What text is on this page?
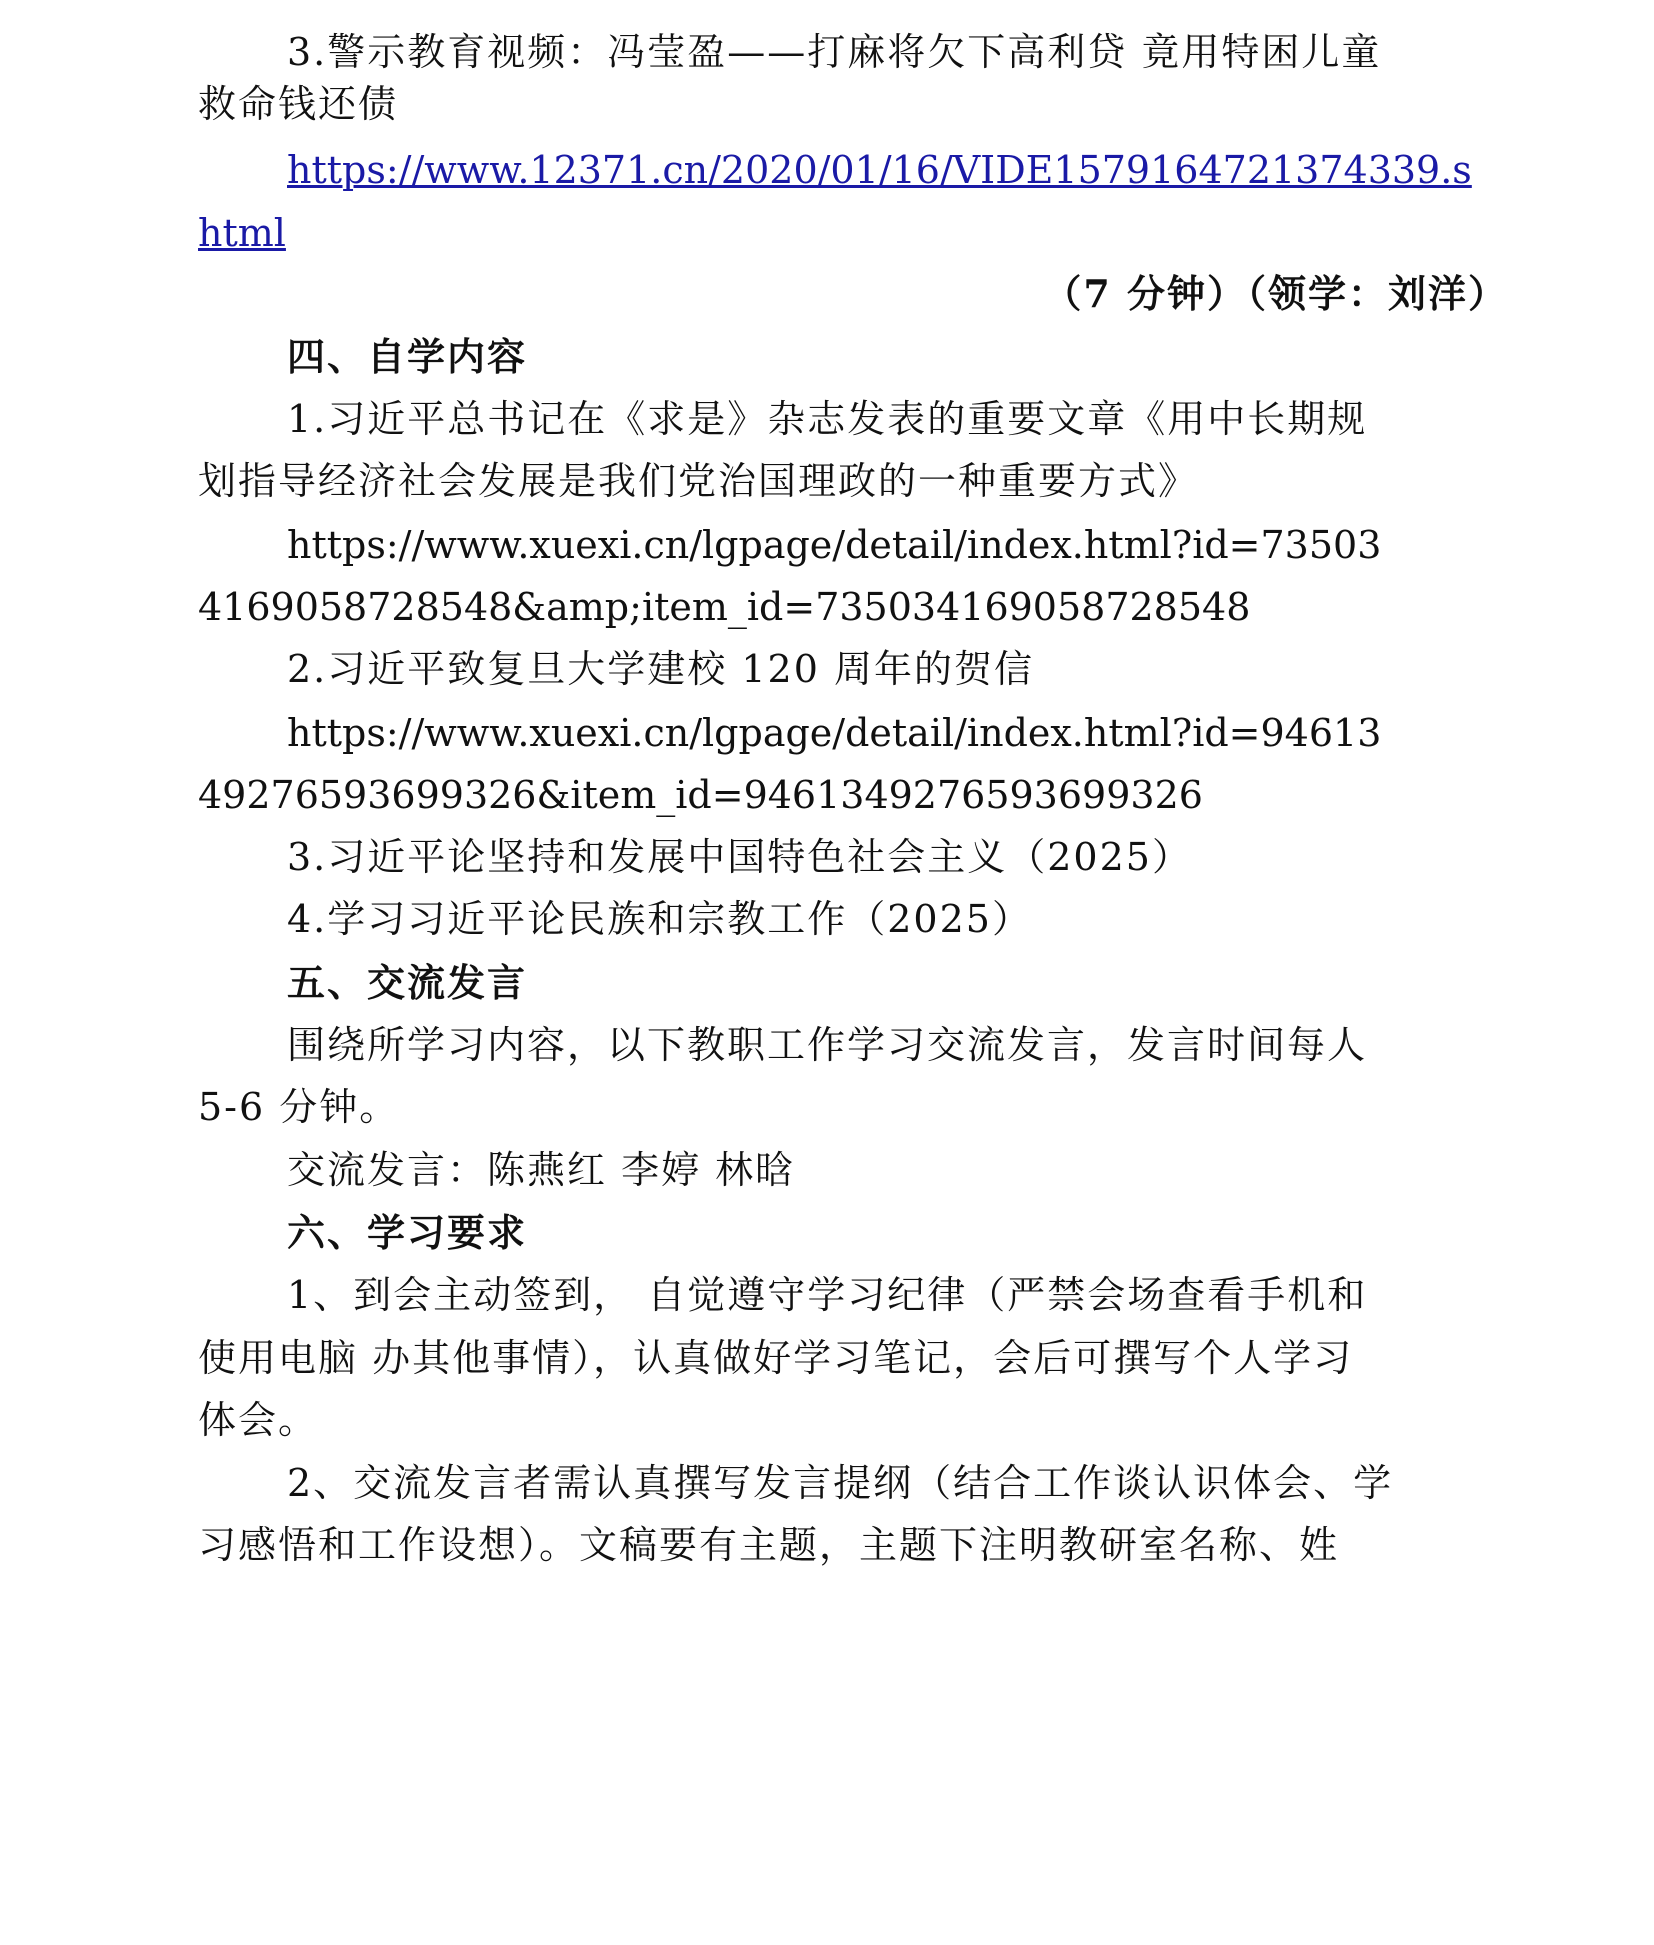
3.警示教育视频：冯莹盈——打麻将欠下高利贷 竟用特困儿童
救命钱还债
https://www.12371.cn/2020/01/16/VIDE1579164721374339.s
html
（7 分钟）（领学：刘洋）
四、自学内容
1.习近平总书记在《求是》杂志发表的重要文章《用中长期规
划指导经济社会发展是我们党治国理政的一种重要方式》
https://www.xuexi.cn/lgpage/detail/index.html?id=73503
4169058728548&amp;item_id=735034169058728548
2.习近平致复旦大学建校 120 周年的贺信
https://www.xuexi.cn/lgpage/detail/index.html?id=94613
49276593699326&item_id=9461349276593699326
3.习近平论坚持和发展中国特色社会主义（2025）
4.学习习近平论民族和宗教工作（2025）
五、交流发言
围绕所学习内容，以下教职工作学习交流发言，发言时间每人
5-6 分钟。
交流发言：陈燕红 李婷 林晗
六、学习要求
1、到会主动签到， 自觉遵守学习纪律（严禁会场查看手机和
使用电脑 办其他事情），认真做好学习笔记，会后可撰写个人学习
体会。
2、交流发言者需认真撰写发言提纲（结合工作谈认识体会、学
习感悟和工作设想）。文稿要有主题，主题下注明教研室名称、姓
